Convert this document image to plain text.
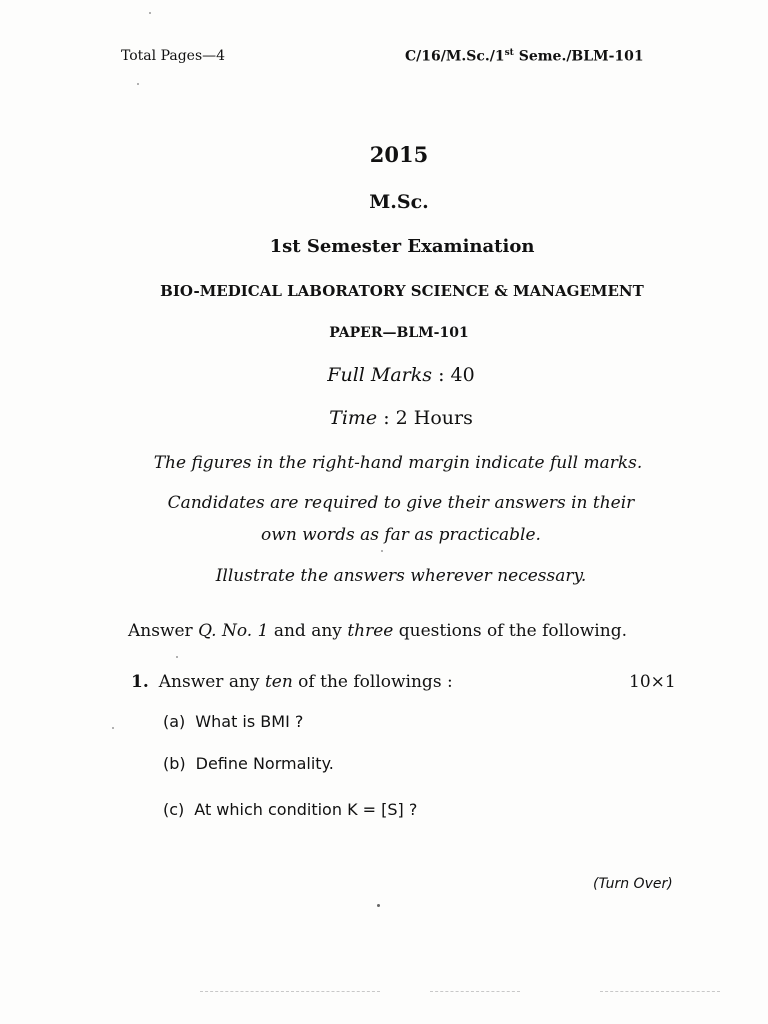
Total Pages—4	C/16/M.Sc./1st Seme./BLM-101
2015
M.Sc.
1st Semester Examination
BIO-MEDICAL LABORATORY SCIENCE & MANAGEMENT
PAPER—BLM-101
Full Marks : 40
Time : 2 Hours
The figures in the right-hand margin indicate full marks.
Candidates are required to give their answers in their
own words as far as practicable.
Illustrate the answers wherever necessary.
Answer Q. No. 1 and any three questions of the following.
1. Answer any ten of the followings :	10×1
(a) What is BMI ?
(b) Define Normality.
(c) At which condition K = [S] ?
(Turn Over)
